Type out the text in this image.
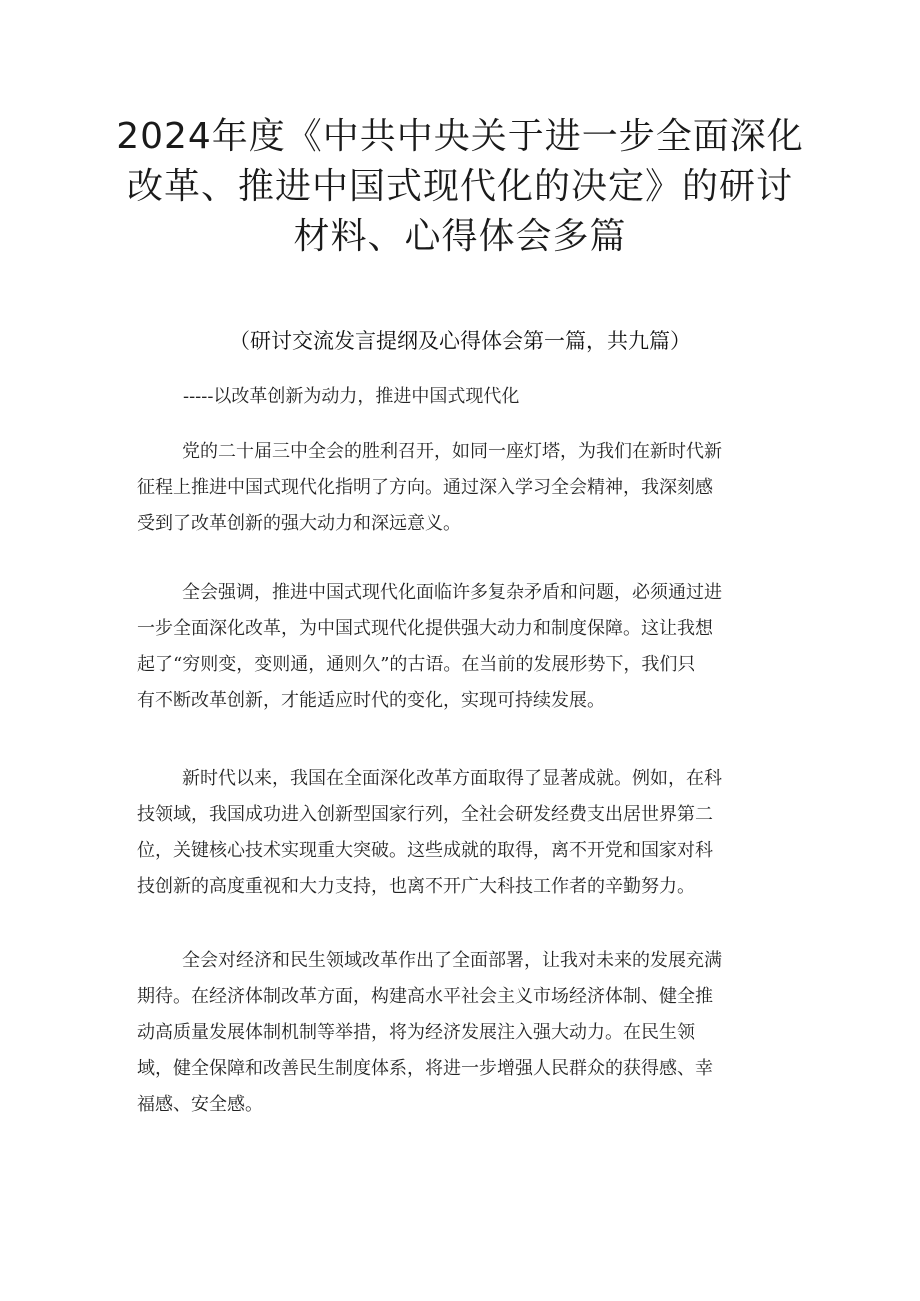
2024年度《中共中央关于进一步全面深化
改革、推进中国式现代化的决定》的研讨
材料、心得体会多篇
（研讨交流发言提纲及心得体会第一篇，共九篇）
-----以改革创新为动力，推进中国式现代化
党的二十届三中全会的胜利召开，如同一座灯塔，为我们在新时代新
征程上推进中国式现代化指明了方向。通过深入学习全会精神，我深刻感
受到了改革创新的强大动力和深远意义。
全会强调，推进中国式现代化面临许多复杂矛盾和问题，必须通过进
一步全面深化改革，为中国式现代化提供强大动力和制度保障。这让我想
起了“穷则变，变则通，通则久”的古语。在当前的发展形势下，我们只
有不断改革创新，才能适应时代的变化，实现可持续发展。
新时代以来，我国在全面深化改革方面取得了显著成就。例如，在科
技领域，我国成功进入创新型国家行列，全社会研发经费支出居世界第二
位，关键核心技术实现重大突破。这些成就的取得，离不开党和国家对科
技创新的高度重视和大力支持，也离不开广大科技工作者的辛勤努力。
全会对经济和民生领域改革作出了全面部署，让我对未来的发展充满
期待。在经济体制改革方面，构建高水平社会主义市场经济体制、健全推
动高质量发展体制机制等举措，将为经济发展注入强大动力。在民生领
域，健全保障和改善民生制度体系，将进一步增强人民群众的获得感、幸
福感、安全感。
